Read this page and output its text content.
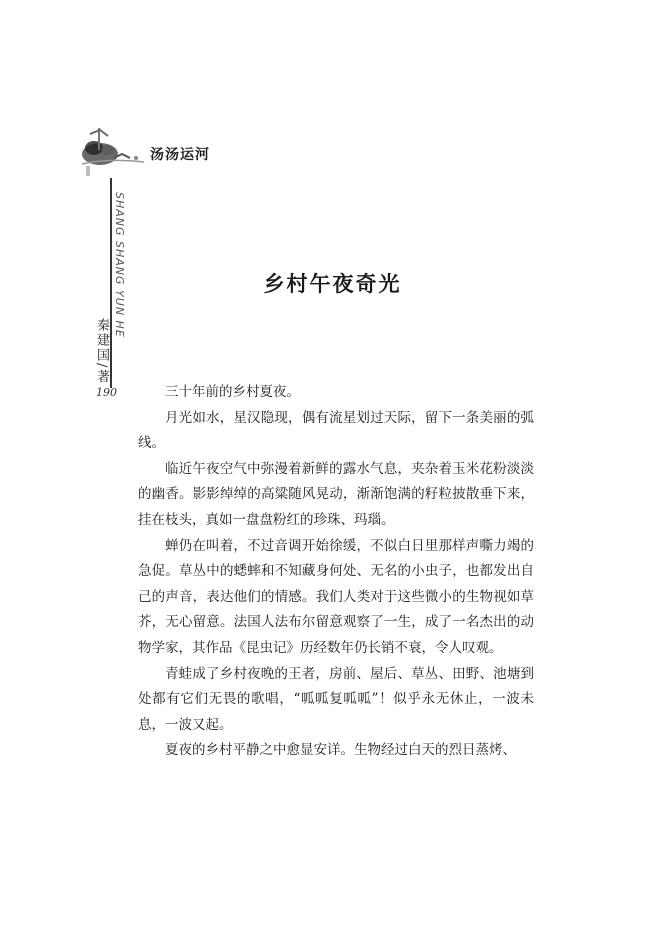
汤汤运河
SHANG SHANG YUN HE
秦建国/著
190
乡村午夜奇光

三十年前的乡村夏夜。

月光如水，星汉隐现，偶有流星划过天际，留下一条美丽的弧线。

临近午夜空气中弥漫着新鲜的露水气息，夹杂着玉米花粉淡淡的幽香。影影绰绰的高粱随风晃动，渐渐饱满的籽粒披散垂下来，挂在枝头，真如一盘盘粉红的珍珠、玛瑙。

蝉仍在叫着，不过音调开始徐缓，不似白日里那样声嘶力竭的急促。草丛中的蟋蟀和不知藏身何处、无名的小虫子，也都发出自己的声音，表达他们的情感。我们人类对于这些微小的生物视如草芥，无心留意。法国人法布尔留意观察了一生，成了一名杰出的动物学家，其作品《昆虫记》历经数年仍长销不衰，令人叹观。

青蛙成了乡村夜晚的王者，房前、屋后、草丛、田野、池塘到处都有它们无畏的歌唱，“呱呱复呱呱”！似乎永无休止，一波未息，一波又起。

夏夜的乡村平静之中愈显安详。生物经过白天的烈日蒸烤、
